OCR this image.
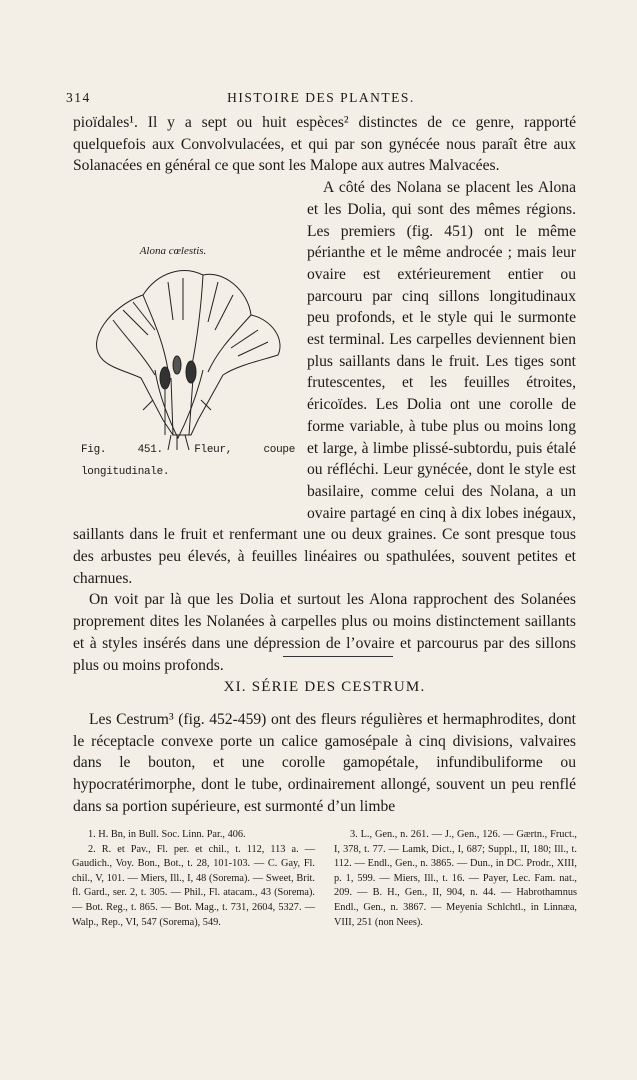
314	HISTOIRE DES PLANTES.

pioïdales¹. Il y a sept ou huit espèces² distinctes de ce genre, rapporté quelquefois aux Convolvulacées, et qui par son gynécée nous paraît être aux Solanacées en général ce que sont les Malope aux autres Malvacées.

Alona cœlestis.
Fig. 451. Fleur, coupe longitudinale.

A côté des Nolana se placent les Alona et les Dolia, qui sont des mêmes régions. Les premiers (fig. 451) ont le même périanthe et le même androcée ; mais leur ovaire est extérieurement entier ou parcouru par cinq sillons longitudinaux peu profonds, et le style qui le surmonte est terminal. Les carpelles deviennent bien plus saillants dans le fruit. Les tiges sont frutescentes, et les feuilles étroites, éricoïdes. Les Dolia ont une corolle de forme variable, à tube plus ou moins long et large, à limbe plissé-subtordu, puis étalé ou réfléchi. Leur gynécée, dont le style est basilaire, comme celui des Nolana, a un ovaire partagé en cinq à dix lobes inégaux, saillants dans le fruit et renfermant une ou deux graines. Ce sont presque tous des arbustes peu élevés, à feuilles linéaires ou spathulées, souvent petites et charnues.

On voit par là que les Dolia et surtout les Alona rapprochent des Solanées proprement dites les Nolanées à carpelles plus ou moins distinctement saillants et à styles insérés dans une dépression de l’ovaire et parcourus par des sillons plus ou moins profonds.

XI. SÉRIE DES CESTRUM.

Les Cestrum³ (fig. 452-459) ont des fleurs régulières et hermaphrodites, dont le réceptacle convexe porte un calice gamosépale à cinq divisions, valvaires dans le bouton, et une corolle gamopétale, infundibuliforme ou hypocratérimorphe, dont le tube, ordinairement allongé, souvent un peu renflé dans sa portion supérieure, est surmonté d’un limbe

1. H. Bn, in Bull. Soc. Linn. Par., 406.

2. R. et Pav., Fl. per. et chil., t. 112, 113 a. — Gaudich., Voy. Bon., Bot., t. 28, 101-103. — C. Gay, Fl. chil., V, 101. — Miers, Ill., I, 48 (Sorema). — Sweet, Brit. fl. Gard., ser. 2, t. 305. — Phil., Fl. atacam., 43 (Sorema). — Bot. Reg., t. 865. — Bot. Mag., t. 731, 2604, 5327. — Walp., Rep., VI, 547 (Sorema), 549.

3. L., Gen., n. 261. — J., Gen., 126. — Gærtn., Fruct., I, 378, t. 77. — Lamk, Dict., I, 687; Suppl., II, 180; Ill., t. 112. — Endl., Gen., n. 3865. — Dun., in DC. Prodr., XIII, p. 1, 599. — Miers, Ill., t. 16. — Payer, Lec. Fam. nat., 209. — B. H., Gen., II, 904, n. 44. — Habrothamnus Endl., Gen., n. 3867. — Meyenia Schlchtl., in Linnæa, VIII, 251 (non Nees).
